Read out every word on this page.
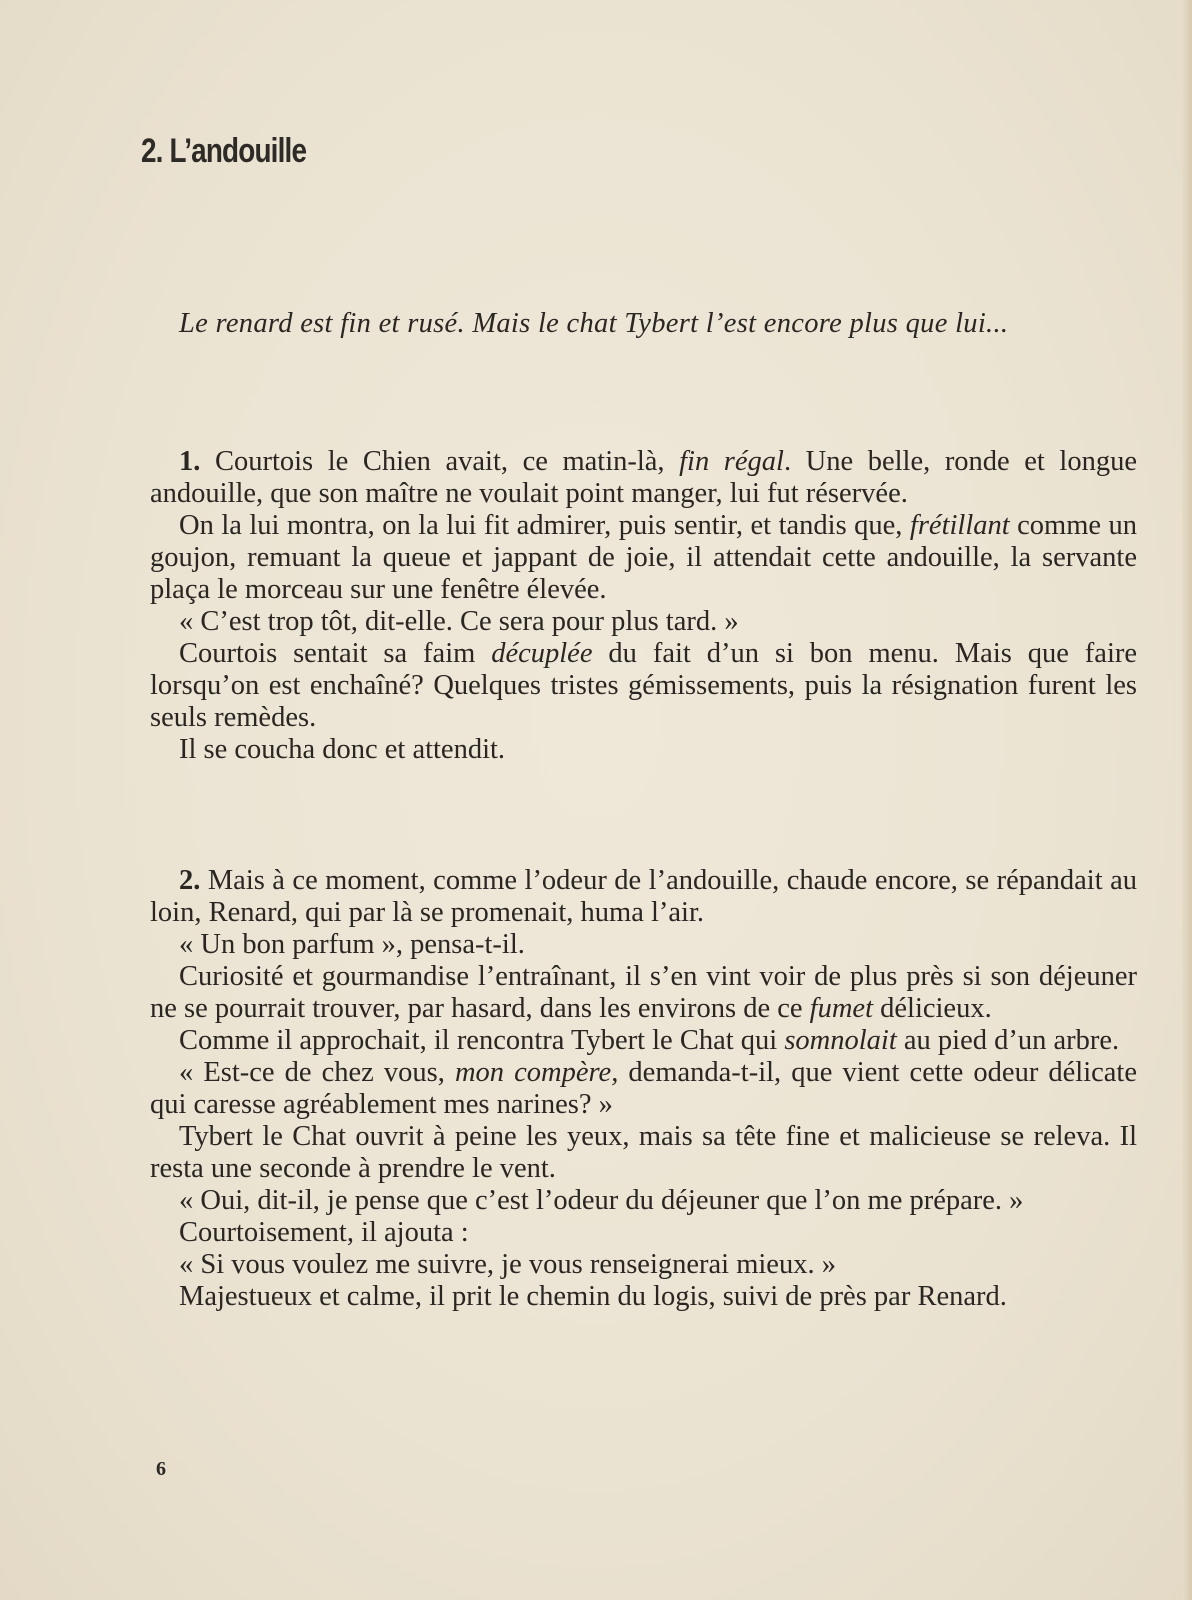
2. L’andouille

Le renard est fin et rusé. Mais le chat Tybert l’est encore plus que lui...

1. Courtois le Chien avait, ce matin-là, fin régal. Une belle, ronde et longue andouille, que son maître ne voulait point manger, lui fut réservée.

On la lui montra, on la lui fit admirer, puis sentir, et tandis que, frétillant comme un goujon, remuant la queue et jappant de joie, il attendait cette andouille, la servante plaça le morceau sur une fenêtre élevée.

« C’est trop tôt, dit-elle. Ce sera pour plus tard. »

Courtois sentait sa faim décuplée du fait d’un si bon menu. Mais que faire lorsqu’on est enchaîné? Quelques tristes gémissements, puis la résignation furent les seuls remèdes.

Il se coucha donc et attendit.

2. Mais à ce moment, comme l’odeur de l’andouille, chaude encore, se répandait au loin, Renard, qui par là se promenait, huma l’air.

« Un bon parfum », pensa-t-il.

Curiosité et gourmandise l’entraînant, il s’en vint voir de plus près si son déjeuner ne se pourrait trouver, par hasard, dans les environs de ce fumet délicieux.

Comme il approchait, il rencontra Tybert le Chat qui somnolait au pied d’un arbre.

« Est-ce de chez vous, mon compère, demanda-t-il, que vient cette odeur délicate qui caresse agréablement mes narines? »

Tybert le Chat ouvrit à peine les yeux, mais sa tête fine et malicieuse se releva. Il resta une seconde à prendre le vent.

« Oui, dit-il, je pense que c’est l’odeur du déjeuner que l’on me prépare. »

Courtoisement, il ajouta :

« Si vous voulez me suivre, je vous renseignerai mieux. »

Majestueux et calme, il prit le chemin du logis, suivi de près par Renard.

6
